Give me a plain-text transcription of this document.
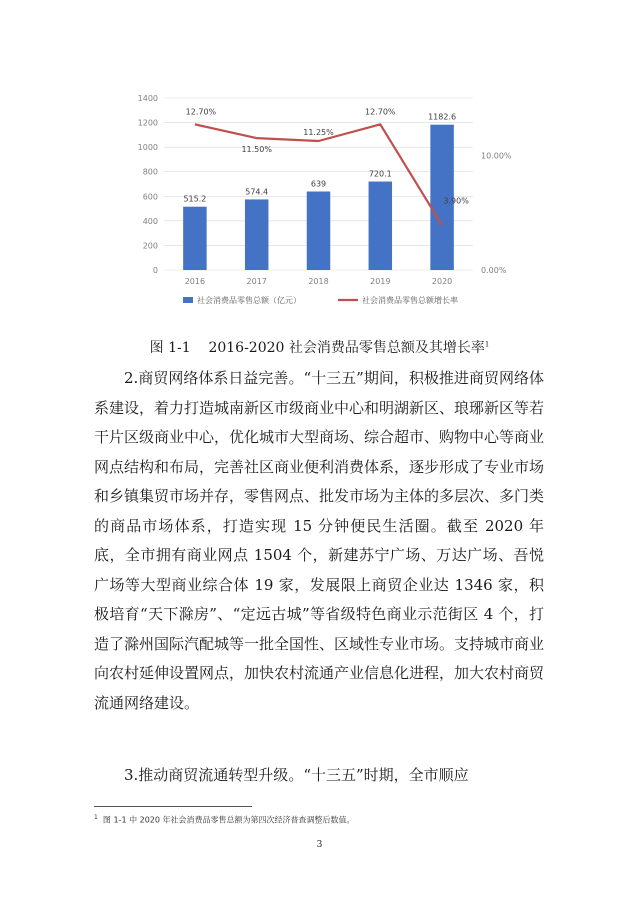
0
200
400
600
800
1000
1200
1400
0.00%
10.00%
2016	2017	2018	2019	2020
515.2
574.4
639
720.1
1182.6
12.70%
11.50%
11.25%
12.70%
3.90%
社会消费品零售总额（亿元）	社会消费品零售总额增长率
图 1-1 2016-2020 社会消费品零售总额及其增长率$^1$

2.商贸网络体系日益完善。“十三五”期间，积极推进商贸网络体系建设，着力打造城南新区市级商业中心和明湖新区、琅琊新区等若干片区级商业中心，优化城市大型商场、综合超市、购物中心等商业网点结构和布局，完善社区商业便利消费体系，逐步形成了专业市场和乡镇集贸市场并存，零售网点、批发市场为主体的多层次、多门类的商品市场体系，打造实现 15 分钟便民生活圈。截至 2020 年底，全市拥有商业网点 1504 个，新建苏宁广场、万达广场、吾悦广场等大型商业综合体 19 家，发展限上商贸企业达 1346 家，积极培育“天下滁房”、“定远古城”等省级特色商业示范街区 4 个，打造了滁州国际汽配城等一批全国性、区域性专业市场。支持城市商业向农村延伸设置网点，加快农村流通产业信息化进程，加大农村商贸流通网络建设。

3.推动商贸流通转型升级。“十三五”时期，全市顺应

$^1$ 图 1-1 中 2020 年社会消费品零售总额为第四次经济普查调整后数值。
3
